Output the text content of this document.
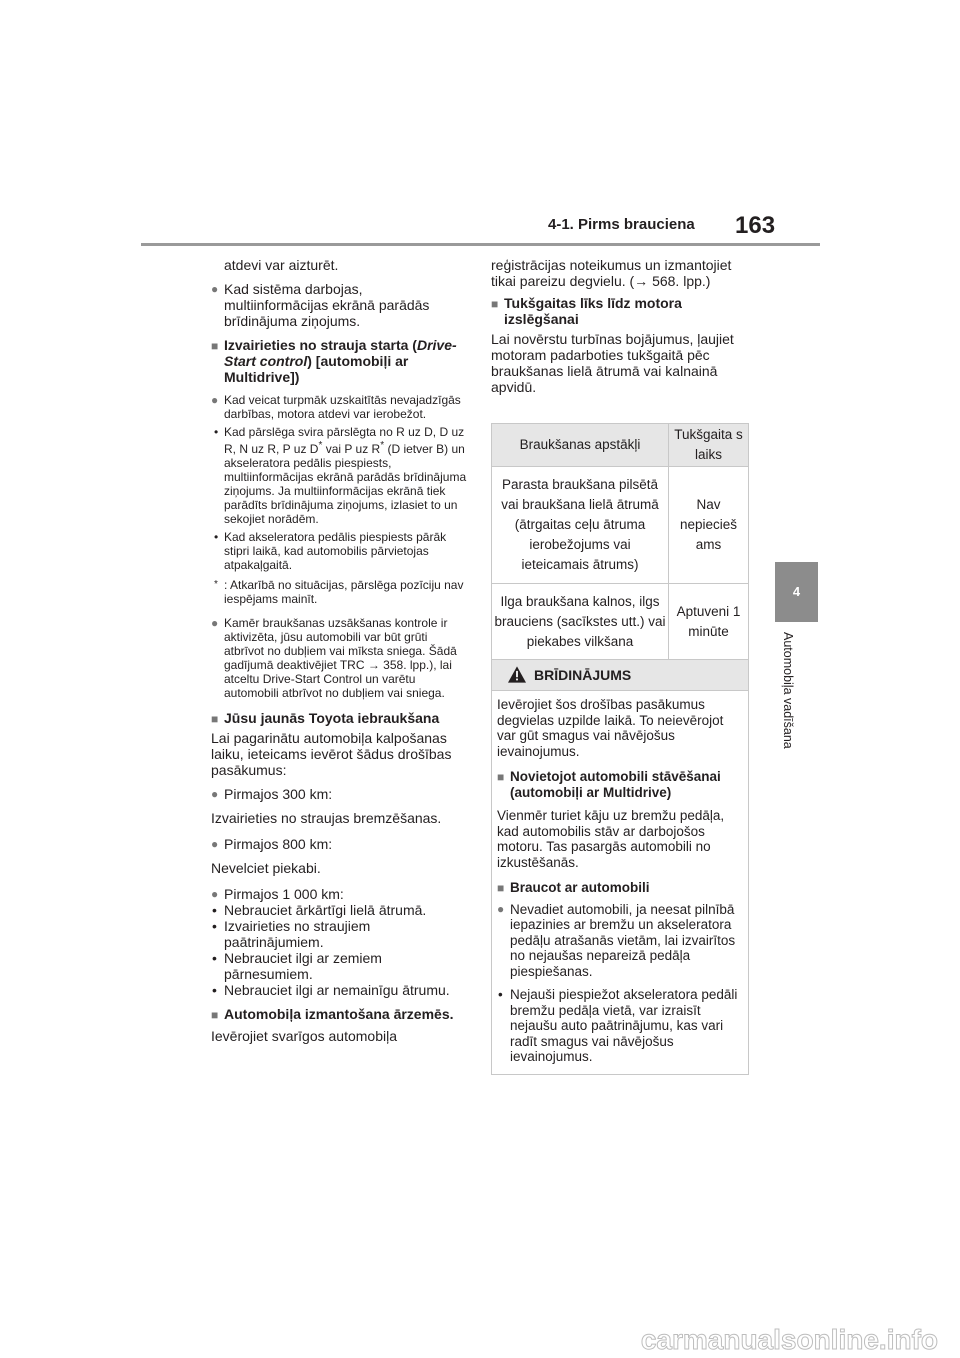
4-1. Pirms brauciena 163
4
Automobiļa vadīšana

atdevi var aizturēt.

● Kad sistēma darbojas, multiinformācijas ekrānā parādās brīdinājuma ziņojums.
■ Izvairieties no strauja starta (Drive-Start control) [automobiļi ar Multidrive])
● Kad veicat turpmāk uzskaitītās nevajadzīgās darbības, motora atdevi var ierobežot.
• Kad pārslēga svira pārslēgta no R uz D, D uz R, N uz R, P uz D* vai P uz R* (D ietver B) un akseleratora pedālis piespiests, multiinformācijas ekrānā parādās brīdinājuma ziņojums. Ja multiinformācijas ekrānā tiek parādīts brīdinājuma ziņojums, izlasiet to un sekojiet norādēm.
• Kad akseleratora pedālis piespiests pārāk stipri laikā, kad automobilis pārvietojas atpakaļgaitā.
* : Atkarībā no situācijas, pārslēga pozīciju nav iespējams mainīt.
● Kamēr braukšanas uzsākšanas kontrole ir aktivizēta, jūsu automobili var būt grūti atbrīvot no dubļiem vai mīksta sniega. Šādā gadījumā deaktivējiet TRC → 358. lpp.), lai atceltu Drive-Start Control un varētu automobili atbrīvot no dubļiem vai sniega.
■ Jūsu jaunās Toyota iebraukšana

Lai pagarinātu automobiļa kalpošanas laiku, ieteicams ievērot šādus drošības pasākumus:

● Pirmajos 300 km:

Izvairieties no straujas bremzēšanas.

● Pirmajos 800 km:

Nevelciet piekabi.

● Pirmajos 1 000 km:
• Nebrauciet ārkārtīgi lielā ātrumā.
• Izvairieties no straujiem paātrinājumiem.
• Nebrauciet ilgi ar zemiem pārnesumiem.
• Nebrauciet ilgi ar nemainīgu ātrumu.
■ Automobiļa izmantošana ārzemēs.

Ievērojiet svarīgos automobiļa

reģistrācijas noteikumus un izmantojiet tikai pareizu degvielu. (→ 568. lpp.)

■ Tukšgaitas līks līdz motora izslēgšanai

Lai novērstu turbīnas bojājumus, ļaujiet motoram padarboties tukšgaitā pēc braukšanas lielā ātrumā vai kalnainā apvidū.

Braukšanas apstākļi	Tukšgaita s laiks
Parasta braukšana pilsētā vai braukšana lielā ātrumā (ātrgaitas ceļu ātruma ierobežojums vai ieteicamais ātrums)	Nav nepiecieš ams
Ilga braukšana kalnos, ilgs brauciens (sacīkstes utt.) vai piekabes vilkšana	Aptuveni 1 minūte
BRĪDINĀJUMS

Ievērojiet šos drošības pasākumus degvielas uzpilde laikā. To neievērojot var gūt smagus vai nāvējošus ievainojumus.

■ Novietojot automobili stāvēšanai (automobiļi ar Multidrive)

Vienmēr turiet kāju uz bremžu pedāļa, kad automobilis stāv ar darbojošos motoru. Tas pasargās automobili no izkustēšanās.

■ Braucot ar automobili
● Nevadiet automobili, ja neesat pilnībā iepazinies ar bremžu un akseleratora pedāļu atrašanās vietām, lai izvairītos no nejaušas nepareizā pedāļa piespiešanas.
• Nejauši piespiežot akseleratora pedāli bremžu pedāļa vietā, var izraisīt nejaušu auto paātrinājumu, kas vari radīt smagus vai nāvējošus ievainojumus.
carmanualsonline.info
